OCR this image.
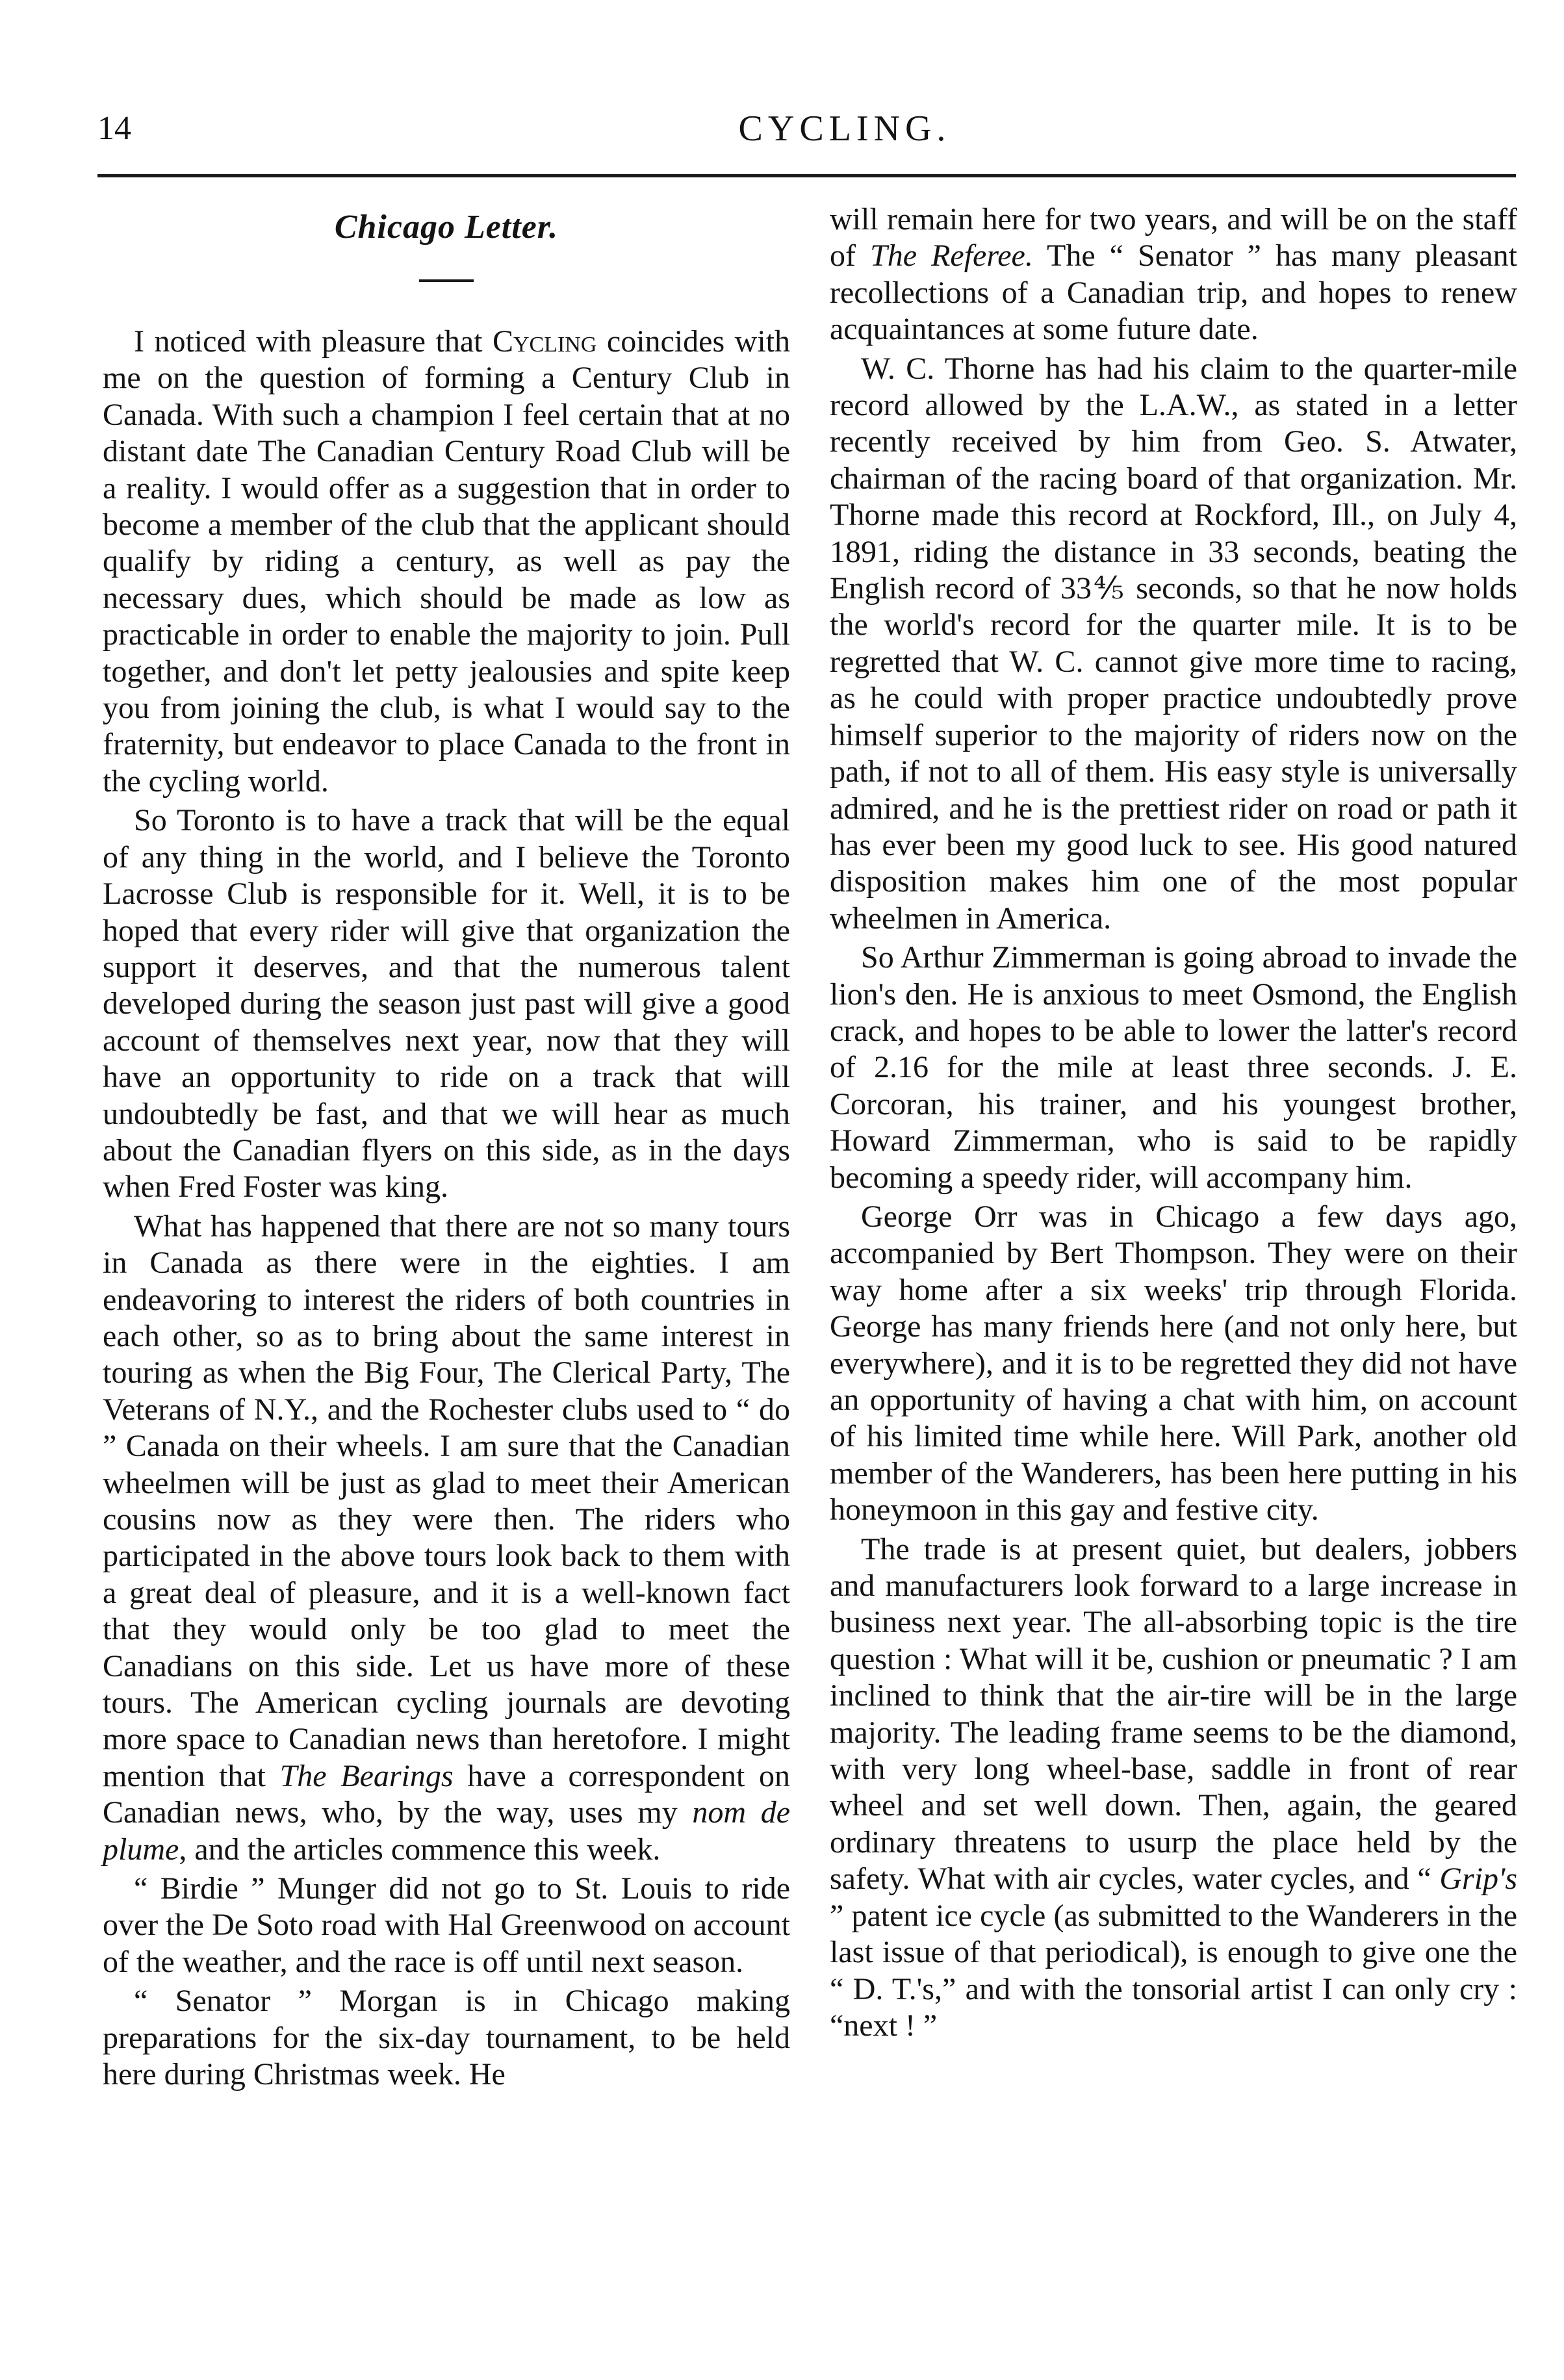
14	CYCLING.
Chicago Letter.

I noticed with pleasure that Cycling coincides with me on the question of forming a Century Club in Canada. With such a champion I feel certain that at no distant date The Canadian Century Road Club will be a reality. I would offer as a suggestion that in order to become a member of the club that the applicant should qualify by riding a century, as well as pay the necessary dues, which should be made as low as practicable in order to enable the majority to join. Pull together, and don't let petty jealousies and spite keep you from joining the club, is what I would say to the fraternity, but endeavor to place Canada to the front in the cycling world.

So Toronto is to have a track that will be the equal of any thing in the world, and I believe the Toronto Lacrosse Club is responsible for it. Well, it is to be hoped that every rider will give that organization the support it deserves, and that the numerous talent developed during the season just past will give a good account of themselves next year, now that they will have an opportunity to ride on a track that will undoubtedly be fast, and that we will hear as much about the Canadian flyers on this side, as in the days when Fred Foster was king.

What has happened that there are not so many tours in Canada as there were in the eighties. I am endeavoring to interest the riders of both countries in each other, so as to bring about the same interest in touring as when the Big Four, The Clerical Party, The Veterans of N.Y., and the Rochester clubs used to “ do ” Canada on their wheels. I am sure that the Canadian wheelmen will be just as glad to meet their American cousins now as they were then. The riders who participated in the above tours look back to them with a great deal of pleasure, and it is a well-known fact that they would only be too glad to meet the Canadians on this side. Let us have more of these tours. The American cycling journals are devoting more space to Canadian news than heretofore. I might mention that The Bearings have a correspondent on Canadian news, who, by the way, uses my nom de plume, and the articles commence this week.

“ Birdie ” Munger did not go to St. Louis to ride over the De Soto road with Hal Greenwood on account of the weather, and the race is off until next season.

“ Senator ” Morgan is in Chicago making preparations for the six-day tournament, to be held here during Christmas week. He

will remain here for two years, and will be on the staff of The Referee. The “ Senator ” has many pleasant recollections of a Canadian trip, and hopes to renew acquaintances at some future date.

W. C. Thorne has had his claim to the quarter-mile record allowed by the L.A.W., as stated in a letter recently received by him from Geo. S. Atwater, chairman of the racing board of that organization. Mr. Thorne made this record at Rockford, Ill., on July 4, 1891, riding the distance in 33 seconds, beating the English record of 33⅘ seconds, so that he now holds the world's record for the quarter mile. It is to be regretted that W. C. cannot give more time to racing, as he could with proper practice undoubtedly prove himself superior to the majority of riders now on the path, if not to all of them. His easy style is universally admired, and he is the prettiest rider on road or path it has ever been my good luck to see. His good natured disposition makes him one of the most popular wheelmen in America.

So Arthur Zimmerman is going abroad to invade the lion's den. He is anxious to meet Osmond, the English crack, and hopes to be able to lower the latter's record of 2.16 for the mile at least three seconds. J. E. Corcoran, his trainer, and his youngest brother, Howard Zimmerman, who is said to be rapidly becoming a speedy rider, will accompany him.

George Orr was in Chicago a few days ago, accompanied by Bert Thompson. They were on their way home after a six weeks' trip through Florida. George has many friends here (and not only here, but everywhere), and it is to be regretted they did not have an opportunity of having a chat with him, on account of his limited time while here. Will Park, another old member of the Wanderers, has been here putting in his honeymoon in this gay and festive city.

The trade is at present quiet, but dealers, jobbers and manufacturers look forward to a large increase in business next year. The all-absorbing topic is the tire question : What will it be, cushion or pneumatic ? I am inclined to think that the air-tire will be in the large majority. The leading frame seems to be the diamond, with very long wheel-base, saddle in front of rear wheel and set well down. Then, again, the geared ordinary threatens to usurp the place held by the safety. What with air cycles, water cycles, and “ Grip's ” patent ice cycle (as submitted to the Wanderers in the last issue of that periodical), is enough to give one the “ D. T.'s,” and with the tonsorial artist I can only cry : “next ! ”
